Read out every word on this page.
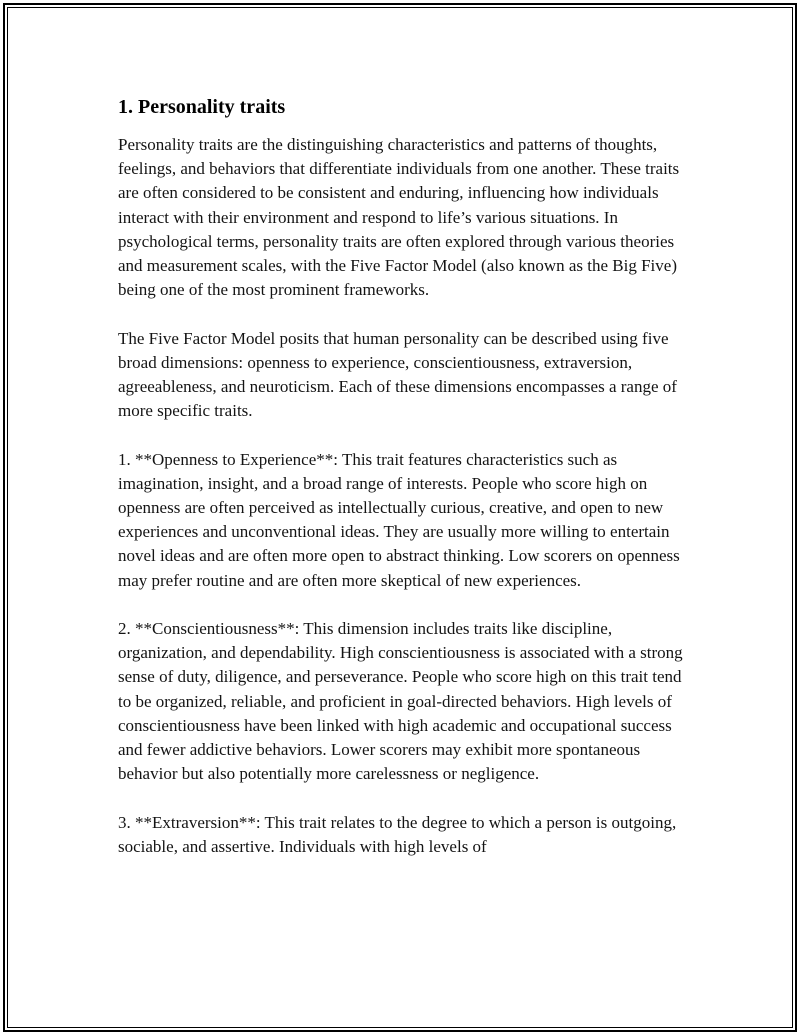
1. Personality traits

Personality traits are the distinguishing characteristics and patterns of thoughts, feelings, and behaviors that differentiate individuals from one another. These traits are often considered to be consistent and enduring, influencing how individuals interact with their environment and respond to life’s various situations. In psychological terms, personality traits are often explored through various theories and measurement scales, with the Five Factor Model (also known as the Big Five) being one of the most prominent frameworks.

The Five Factor Model posits that human personality can be described using five broad dimensions: openness to experience, conscientiousness, extraversion, agreeableness, and neuroticism. Each of these dimensions encompasses a range of more specific traits.

1. **Openness to Experience**: This trait features characteristics such as imagination, insight, and a broad range of interests. People who score high on openness are often perceived as intellectually curious, creative, and open to new experiences and unconventional ideas. They are usually more willing to entertain novel ideas and are often more open to abstract thinking. Low scorers on openness may prefer routine and are often more skeptical of new experiences.

2. **Conscientiousness**: This dimension includes traits like discipline, organization, and dependability. High conscientiousness is associated with a strong sense of duty, diligence, and perseverance. People who score high on this trait tend to be organized, reliable, and proficient in goal-directed behaviors. High levels of conscientiousness have been linked with high academic and occupational success and fewer addictive behaviors. Lower scorers may exhibit more spontaneous behavior but also potentially more carelessness or negligence.

3. **Extraversion**: This trait relates to the degree to which a person is outgoing, sociable, and assertive. Individuals with high levels of
